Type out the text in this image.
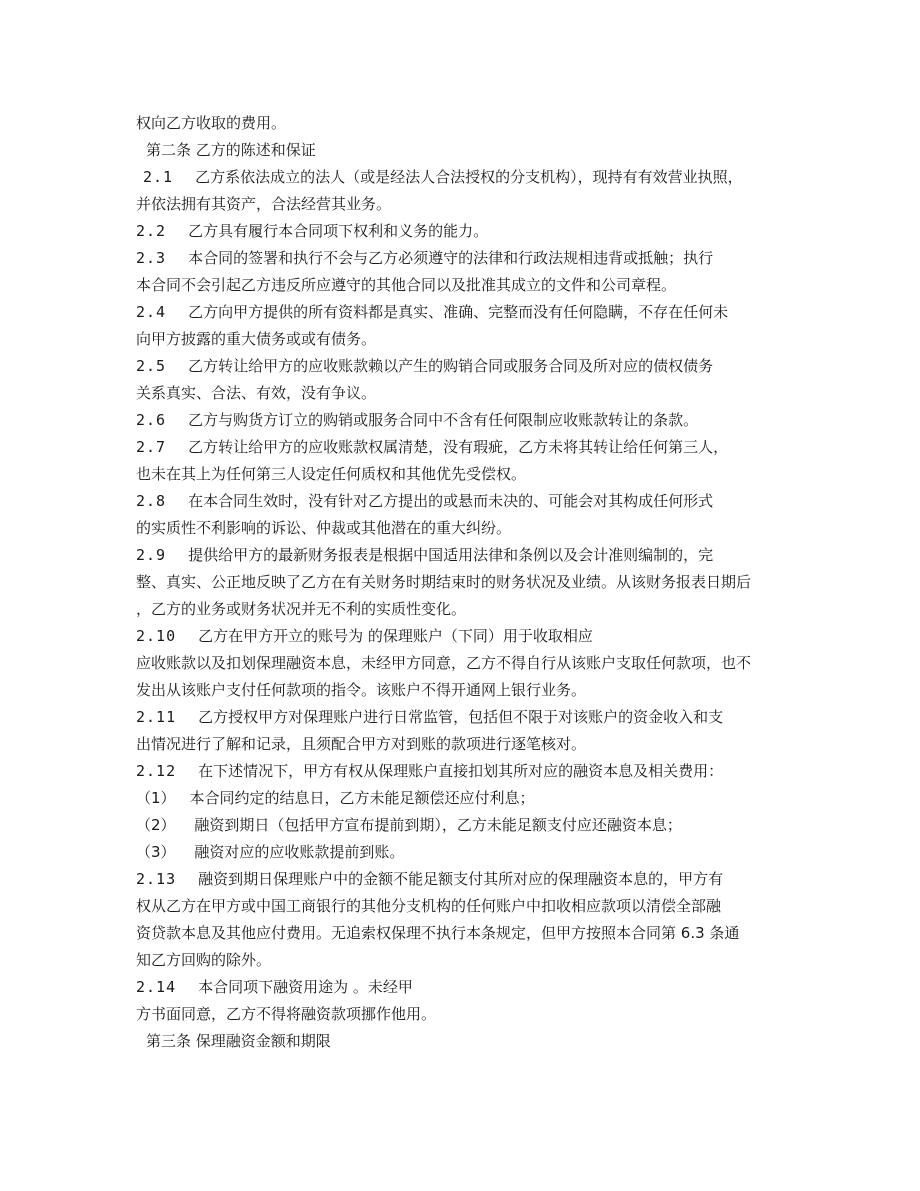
权向乙方收取的费用。
第二条 乙方的陈述和保证
2.1 乙方系依法成立的法人（或是经法人合法授权的分支机构），现持有有效营业执照，
并依法拥有其资产，合法经营其业务。
2.2 乙方具有履行本合同项下权利和义务的能力。
2.3 本合同的签署和执行不会与乙方必须遵守的法律和行政法规相违背或抵触；执行
本合同不会引起乙方违反所应遵守的其他合同以及批准其成立的文件和公司章程。
2.4 乙方向甲方提供的所有资料都是真实、准确、完整而没有任何隐瞒，不存在任何未
向甲方披露的重大债务或或有债务。
2.5 乙方转让给甲方的应收账款赖以产生的购销合同或服务合同及所对应的债权债务
关系真实、合法、有效，没有争议。
2.6 乙方与购货方订立的购销或服务合同中不含有任何限制应收账款转让的条款。
2.7 乙方转让给甲方的应收账款权属清楚，没有瑕疵，乙方未将其转让给任何第三人，
也未在其上为任何第三人设定任何质权和其他优先受偿权。
2.8 在本合同生效时，没有针对乙方提出的或悬而未决的、可能会对其构成任何形式
的实质性不利影响的诉讼、仲裁或其他潜在的重大纠纷。
2.9 提供给甲方的最新财务报表是根据中国适用法律和条例以及会计准则编制的，完
整、真实、公正地反映了乙方在有关财务时期结束时的财务状况及业绩。从该财务报表日期后
，乙方的业务或财务状况并无不利的实质性变化。
2.10 乙方在甲方开立的账号为 的保理账户（下同）用于收取相应
应收账款以及扣划保理融资本息，未经甲方同意，乙方不得自行从该账户支取任何款项，也不
发出从该账户支付任何款项的指令。该账户不得开通网上银行业务。
2.11 乙方授权甲方对保理账户进行日常监管，包括但不限于对该账户的资金收入和支
出情况进行了解和记录，且须配合甲方对到账的款项进行逐笔核对。
2.12 在下述情况下，甲方有权从保理账户直接扣划其所对应的融资本息及相关费用：
（1） 本合同约定的结息日，乙方未能足额偿还应付利息；
（2） 融资到期日（包括甲方宣布提前到期），乙方未能足额支付应还融资本息；
（3） 融资对应的应收账款提前到账。
2.13 融资到期日保理账户中的金额不能足额支付其所对应的保理融资本息的，甲方有
权从乙方在甲方或中国工商银行的其他分支机构的任何账户中扣收相应款项以清偿全部融
资贷款本息及其他应付费用。无追索权保理不执行本条规定，但甲方按照本合同第 6.3 条通
知乙方回购的除外。
2.14 本合同项下融资用途为 。未经甲
方书面同意，乙方不得将融资款项挪作他用。
第三条 保理融资金额和期限
